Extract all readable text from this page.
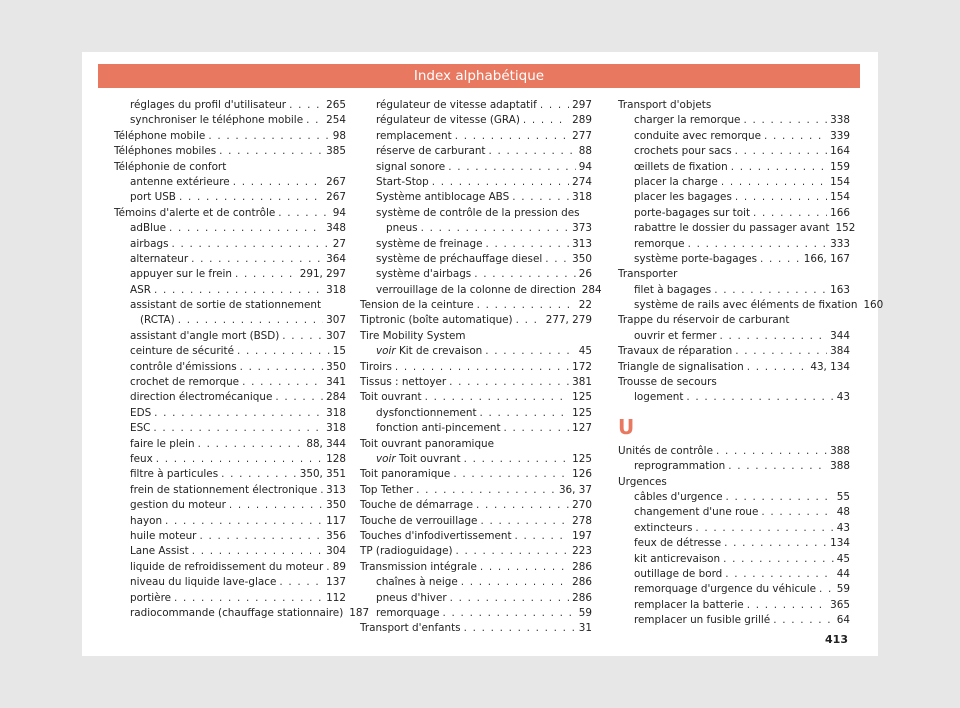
Index alphabétique
réglages du profil d'utilisateur . . .	265
synchroniser le téléphone mobile . . . 254
Téléphone mobile . . .	98
Téléphones mobiles . . .	385
Téléphonie de confort
antenne extérieure . . .	267
port USB . . .	267
Témoins d'alerte et de contrôle . . .	94
adBlue . . .	348
airbags . . .	27
alternateur . . .	364
appuyer sur le frein . . .	291, 297
ASR . . .	318
assistant de sortie de stationnement
(RCTA) . . .	307
assistant d'angle mort (BSD) . . .	307
ceinture de sécurité . . .	15
contrôle d'émissions . . .	350
crochet de remorque . . .	341
direction électromécanique . . .	284
EDS . . .	318
ESC . . .	318
faire le plein . . .	88, 344
feux . . .	128
filtre à particules . . .	350, 351
frein de stationnement électronique . . . 313
gestion du moteur . . .	350
hayon . . .	117
huile moteur . . .	356
Lane Assist . . .	304
liquide de refroidissement du moteur . . . 89
niveau du liquide lave-glace . . .	137
portière . . .	112
radiocommande (chauffage stationnaire) 187
régulateur de vitesse adaptatif . . .	297
régulateur de vitesse (GRA) . . .	289
remplacement . . .	277
réserve de carburant . . .	88
signal sonore . . .	94
Start-Stop . . .	274
Système antiblocage ABS . . .	318
système de contrôle de la pression des
pneus . . .	373
système de freinage . . .	313
système de préchauffage diesel . . .	350
système d'airbags . . .	26
verrouillage de la colonne de direction 284
Tension de la ceinture . . .	22
Tiptronic (boîte automatique) . . .	277, 279
Tire Mobility System
voir Kit de crevaison . . .	45
Tiroirs . . .	172
Tissus : nettoyer . . .	381
Toit ouvrant . . .	125
dysfonctionnement . . .	125
fonction anti-pincement . . .	127
Toit ouvrant panoramique
voir Toit ouvrant . . .	125
Toit panoramique . . .	126
Top Tether . . .	36, 37
Touche de démarrage . . .	270
Touche de verrouillage . . .	278
Touches d'infodivertissement . . .	197
TP (radioguidage) . . .	223
Transmission intégrale . . .	286
chaînes à neige . . .	286
pneus d'hiver . . .	286
remorquage . . .	59
Transport d'enfants . . .	31
Transport d'objets
charger la remorque . . .	338
conduite avec remorque . . .	339
crochets pour sacs . . .	164
œillets de fixation . . .	159
placer la charge . . .	154
placer les bagages . . .	154
porte-bagages sur toit . . .	166
rabattre le dossier du passager avant 152
remorque . . .	333
système porte-bagages . . .	166, 167
Transporter
filet à bagages . . .	163
système de rails avec éléments de fixation 160
Trappe du réservoir de carburant
ouvrir et fermer . . .	344
Travaux de réparation . . .	384
Triangle de signalisation . . .	43, 134
Trousse de secours
logement . . .	43
U
Unités de contrôle . . .	388
reprogrammation . . .	388
Urgences
câbles d'urgence . . .	55
changement d'une roue . . .	48
extincteurs . . .	43
feux de détresse . . .	134
kit anticrevaison . . .	45
outillage de bord . . .	44
remorquage d'urgence du véhicule . . . 59
remplacer la batterie . . .	365
remplacer un fusible grillé . . .	64
413
